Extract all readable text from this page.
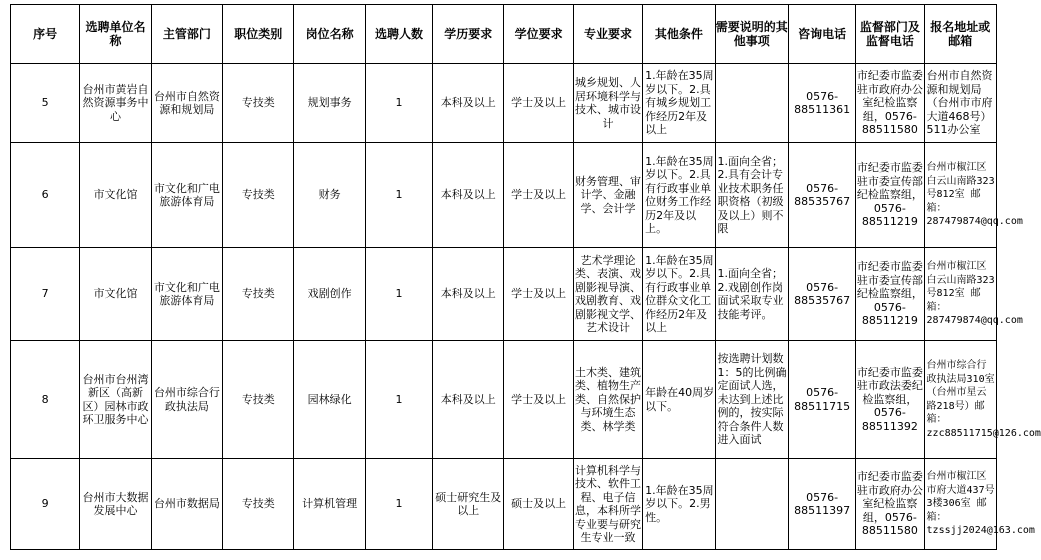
序号	选聘单位名称	主管部门	职位类别	岗位名称	选聘人数	学历要求	学位要求	专业要求	其他条件	需要说明的其他事项	咨询电话	监督部门及监督电话	报名地址或邮箱
5	台州市黄岩自然资源事务中心	台州市自然资源和规划局	专技类	规划事务	1	本科及以上	学士及以上	城乡规划、人居环境科学与技术、城市设计	1.年龄在35周岁以下。2.具有城乡规划工作经历2年及以上		0576-88511361	市纪委市监委驻市政府办公室纪检监察组，0576-88511580	台州市自然资源和规划局（台州市市府大道468号）511办公室
6	市文化馆	市文化和广电旅游体育局	专技类	财务	1	本科及以上	学士及以上	财务管理、审计学、金融学、会计学	1.年龄在35周岁以下。2.具有行政事业单位财务工作经历2年及以上。	1.面向全省；2.具有会计专业技术职务任职资格（初级及以上）则不限	0576-88535767	市纪委市监委驻市委宣传部纪检监察组，0576-88511219	台州市椒江区白云山南路323号812室 邮箱：287479874@qq.com
7	市文化馆	市文化和广电旅游体育局	专技类	戏剧创作	1	本科及以上	学士及以上	艺术学理论类、表演、戏剧影视导演、戏剧教育、戏剧影视文学、艺术设计	1.年龄在35周岁以下。2.具有行政事业单位群众文化工作经历2年及以上	1.面向全省；2.戏剧创作岗面试采取专业技能考评。	0576-88535767	市纪委市监委驻市委宣传部纪检监察组，0576-88511219	台州市椒江区白云山南路323号812室 邮箱：287479874@qq.com
8	台州市台州湾新区（高新区）园林市政环卫服务中心	台州市综合行政执法局	专技类	园林绿化	1	本科及以上	学士及以上	土木类、建筑类、植物生产类、自然保护与环境生态类、林学类	年龄在40周岁以下。	按选聘计划数1：5的比例确定面试人选，未达到上述比例的，按实际符合条件人数进入面试	0576-88511715	市纪委市监委驻市政法委纪检监察组，0576-88511392	台州市综合行政执法局310室（台州市星云路218号）邮箱：zzc88511715@126.com
9	台州市大数据发展中心	台州市数据局	专技类	计算机管理	1	硕士研究生及以上	硕士及以上	计算机科学与技术、软件工程、电子信息，本科所学专业要与研究生专业一致	1.年龄在35周岁以下。2.男性。		0576-88511397	市纪委市监委驻市政府办公室纪检监察组，0576-88511580	台州市椒江区市府大道437号3楼306室 邮箱：tzssjj2024@163.com
